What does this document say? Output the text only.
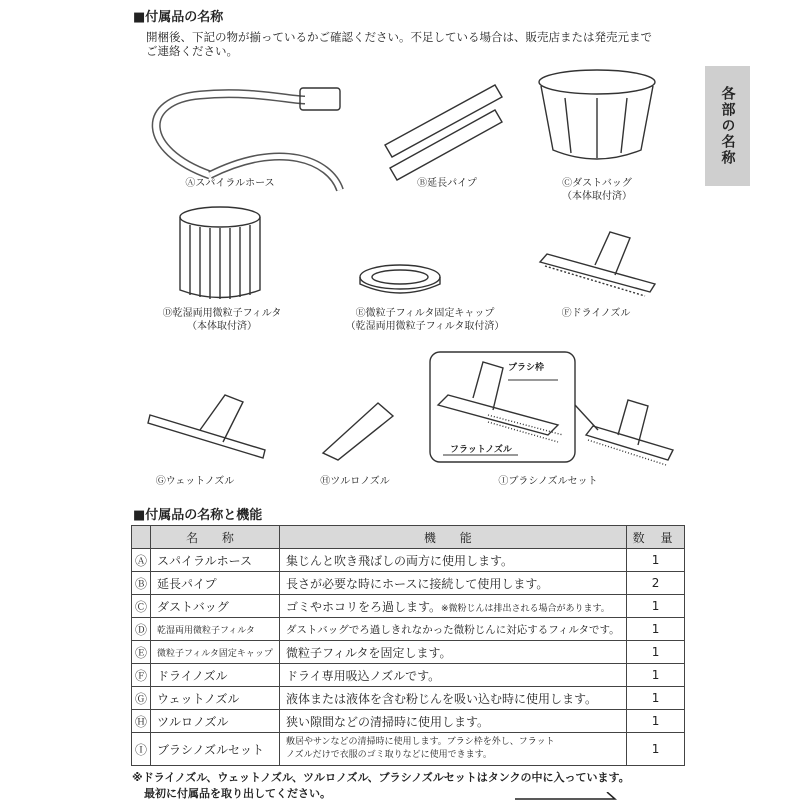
■付属品の名称
開梱後、下記の物が揃っているかご確認ください。不足している場合は、販売店または発売元まで
ご連絡ください。
各部の名称
Ⓐスパイラルホース	Ⓑ延長パイプ	Ⓒダストバッグ
（本体取付済）
Ⓓ乾湿両用微粒子フィルタ
（本体取付済）
Ⓔ微粒子フィルタ固定キャップ
（乾湿両用微粒子フィルタ取付済）
Ⓕドライノズル
Ⓖウェットノズル	Ⓗツルロノズル
ブラシ枠
フラットノズル
Ⓘブラシノズルセット
■付属品の名称と機能
	名 称	機 能	数 量
Ⓐ	スパイラルホース	集じんと吹き飛ばしの両方に使用します。	1
Ⓑ	延長パイプ	長さが必要な時にホースに接続して使用します。	2
Ⓒ	ダストバッグ	ゴミやホコリをろ過します。※微粉じんは排出される場合があります。	1
Ⓓ	乾湿両用微粒子フィルタ	ダストバッグでろ過しきれなかった微粉じんに対応するフィルタです。	1
Ⓔ	微粒子フィルタ固定キャップ	微粒子フィルタを固定します。	1
Ⓕ	ドライノズル	ドライ専用吸込ノズルです。	1
Ⓖ	ウェットノズル	液体または液体を含む粉じんを吸い込む時に使用します。	1
Ⓗ	ツルロノズル	狭い隙間などの清掃時に使用します。	1
Ⓘ	ブラシノズルセット	敷居やサンなどの清掃時に使用します。ブラシ枠を外し、フラット
ノズルだけで衣服のゴミ取りなどに使用できます。	1
※ドライノズル、ウェットノズル、ツルロノズル、ブラシノズルセットはタンクの中に入っています。
最初に付属品を取り出してください。
